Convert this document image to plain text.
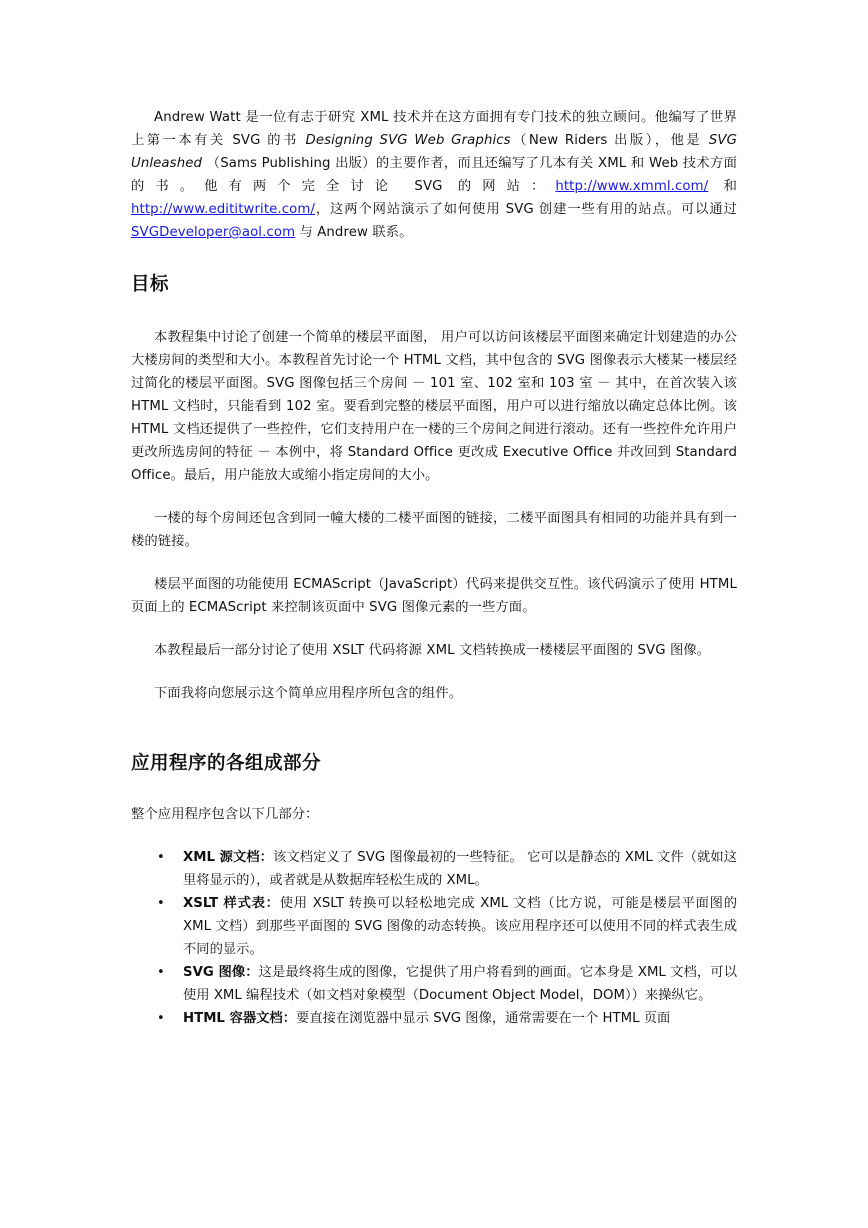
Andrew Watt 是一位有志于研究 XML 技术并在这方面拥有专门技术的独立顾问。他编写了世界上第一本有关 SVG 的书 Designing SVG Web Graphics（New Riders 出版），他是 SVG Unleashed （Sams Publishing 出版）的主要作者，而且还编写了几本有关 XML 和 Web 技术方面的书。他有两个完全讨论 SVG 的网站：http://www.xmml.com/ 和 http://www.edititwrite.com/，这两个网站演示了如何使用 SVG 创建一些有用的站点。可以通过 SVGDeveloper@aol.com 与 Andrew 联系。

目标

本教程集中讨论了创建一个简单的楼层平面图， 用户可以访问该楼层平面图来确定计划建造的办公大楼房间的类型和大小。本教程首先讨论一个 HTML 文档，其中包含的 SVG 图像表示大楼某一楼层经过简化的楼层平面图。SVG 图像包括三个房间 － 101 室、102 室和 103 室 － 其中，在首次装入该 HTML 文档时，只能看到 102 室。要看到完整的楼层平面图，用户可以进行缩放以确定总体比例。该 HTML 文档还提供了一些控件，它们支持用户在一楼的三个房间之间进行滚动。还有一些控件允许用户更改所选房间的特征 － 本例中，将 Standard Office 更改成 Executive Office 并改回到 Standard Office。最后，用户能放大或缩小指定房间的大小。

一楼的每个房间还包含到同一幢大楼的二楼平面图的链接，二楼平面图具有相同的功能并具有到一楼的链接。

楼层平面图的功能使用 ECMAScript（JavaScript）代码来提供交互性。该代码演示了使用 HTML 页面上的 ECMAScript 来控制该页面中 SVG 图像元素的一些方面。

本教程最后一部分讨论了使用 XSLT 代码将源 XML 文档转换成一楼楼层平面图的 SVG 图像。

下面我将向您展示这个简单应用程序所包含的组件。

应用程序的各组成部分

整个应用程序包含以下几部分：

• XML 源文档：该文档定义了 SVG 图像最初的一些特征。 它可以是静态的 XML 文件（就如这里将显示的），或者就是从数据库轻松生成的 XML。
• XSLT 样式表：使用 XSLT 转换可以轻松地完成 XML 文档（比方说，可能是楼层平面图的 XML 文档）到那些平面图的 SVG 图像的动态转换。该应用程序还可以使用不同的样式表生成不同的显示。
• SVG 图像：这是最终将生成的图像，它提供了用户将看到的画面。它本身是 XML 文档，可以使用 XML 编程技术（如文档对象模型（Document Object Model，DOM））来操纵它。
• HTML 容器文档：要直接在浏览器中显示 SVG 图像，通常需要在一个 HTML 页面
